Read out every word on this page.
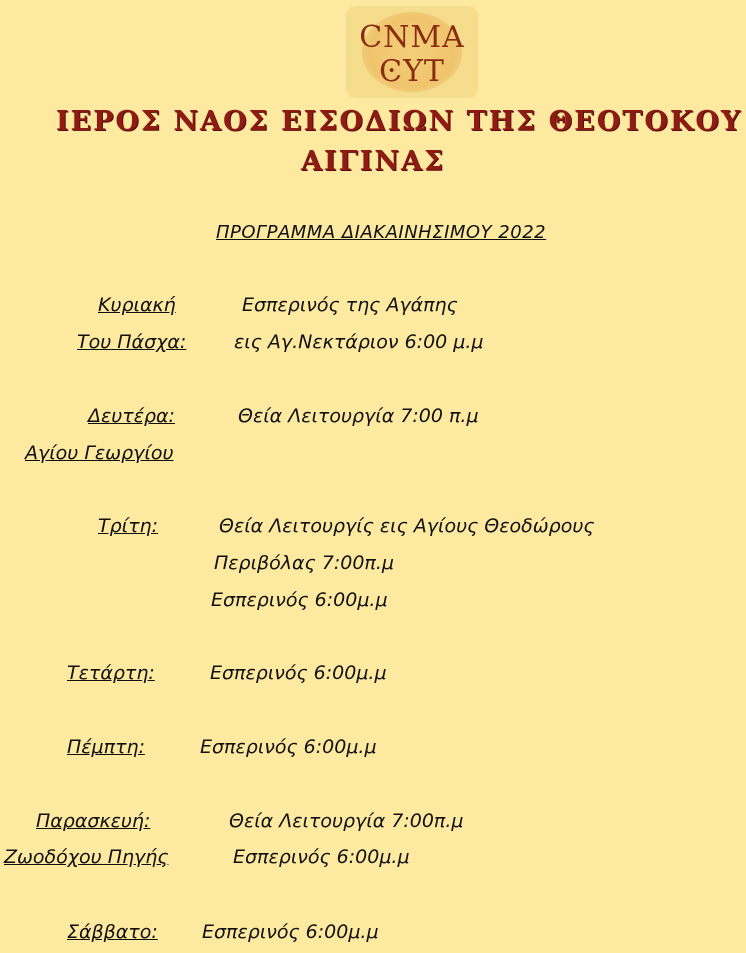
CΝΜΑ
ϾΥΤ
ΙΕΡΟΣ ΝΑΟΣ ΕΙΣΟΔΙΩΝ ΤΗΣ ΘΕΟΤΟΚΟΥ
ΑΙΓΙΝΑΣ
ΠΡΟΓΡΑΜΜΑ ΔΙΑΚΑΙΝΗΣΙΜΟΥ 2022
Κυριακή	Εσπερινός της Αγάπης
Του Πάσχα:	εις Αγ.Νεκτάριον 6:00 μ.μ
Δευτέρα:	Θεία Λειτουργία 7:00 π.μ
Αγίου Γεωργίου
Τρίτη:	Θεία Λειτουργίς εις Αγίους Θεοδώρους
Περιβόλας 7:00π.μ
Εσπερινός 6:00μ.μ
Τετάρτη:	Εσπερινός 6:00μ.μ
Πέμπτη:	Εσπερινός 6:00μ.μ
Παρασκευή:	Θεία Λειτουργία 7:00π.μ
Ζωοδόχου Πηγής	Εσπερινός 6:00μ.μ
Σάββατο: Εσπερινός 6:00μ.μ
